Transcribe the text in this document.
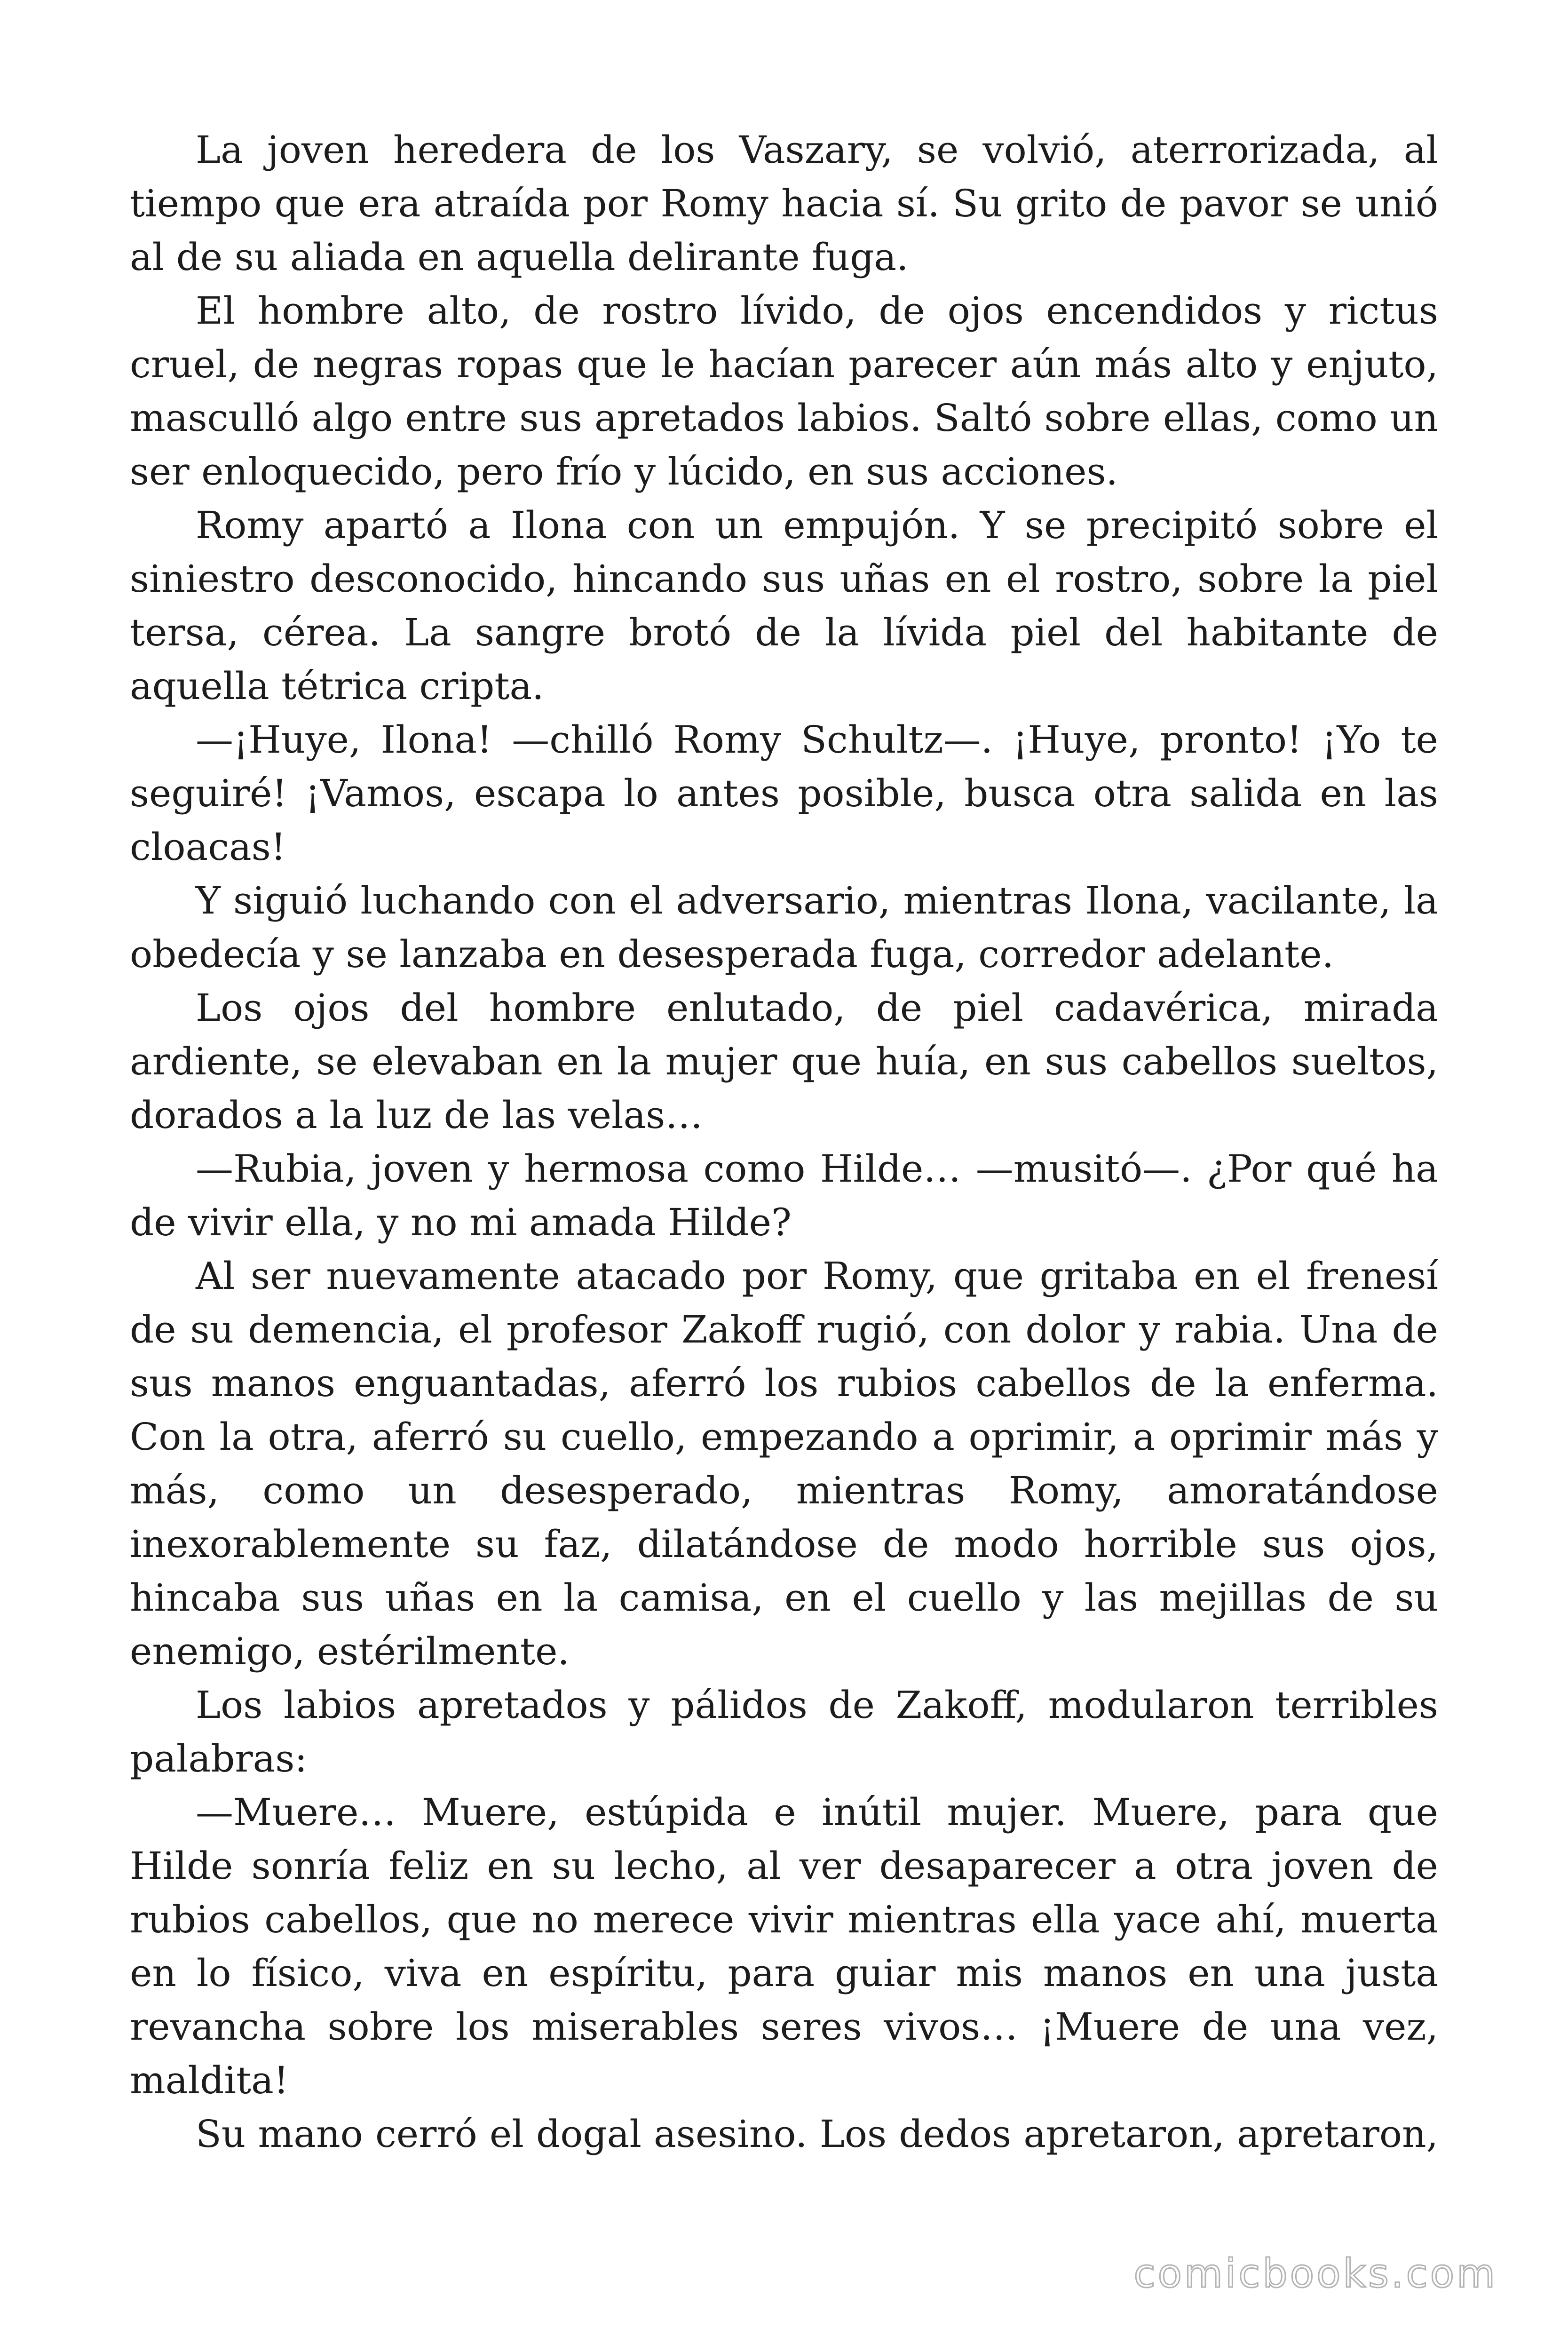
La joven heredera de los Vaszary, se volvió, aterrorizada, al tiempo que era atraída por Romy hacia sí. Su grito de pavor se unió al de su aliada en aquella delirante fuga.

El hombre alto, de rostro lívido, de ojos encendidos y rictus cruel, de negras ropas que le hacían parecer aún más alto y enjuto, masculló algo entre sus apretados labios. Saltó sobre ellas, como un ser enloquecido, pero frío y lúcido, en sus acciones.

Romy apartó a Ilona con un empujón. Y se precipitó sobre el siniestro desconocido, hincando sus uñas en el rostro, sobre la piel tersa, cérea. La sangre brotó de la lívida piel del habitante de aquella tétrica cripta.

—¡Huye, Ilona! —chilló Romy Schultz—. ¡Huye, pronto! ¡Yo te seguiré! ¡Vamos, escapa lo antes posible, busca otra salida en las cloacas!

Y siguió luchando con el adversario, mientras Ilona, vacilante, la obedecía y se lanzaba en desesperada fuga, corredor adelante.

Los ojos del hombre enlutado, de piel cadavérica, mirada ardiente, se elevaban en la mujer que huía, en sus cabellos sueltos, dorados a la luz de las velas…

—Rubia, joven y hermosa como Hilde… —musitó—. ¿Por qué ha de vivir ella, y no mi amada Hilde?

Al ser nuevamente atacado por Romy, que gritaba en el frenesí de su demencia, el profesor Zakoff rugió, con dolor y rabia. Una de sus manos enguantadas, aferró los rubios cabellos de la enferma. Con la otra, aferró su cuello, empezando a oprimir, a oprimir más y más, como un desesperado, mientras Romy, amoratándose inexorablemente su faz, dilatándose de modo horrible sus ojos, hincaba sus uñas en la camisa, en el cuello y las mejillas de su enemigo, estérilmente.

Los labios apretados y pálidos de Zakoff, modularon terribles palabras:

—Muere… Muere, estúpida e inútil mujer. Muere, para que Hilde sonría feliz en su lecho, al ver desaparecer a otra joven de rubios cabellos, que no merece vivir mientras ella yace ahí, muerta en lo físico, viva en espíritu, para guiar mis manos en una justa revancha sobre los miserables seres vivos… ¡Muere de una vez, maldita!

Su mano cerró el dogal asesino. Los dedos apretaron, apretaron,

comicbooks.com
